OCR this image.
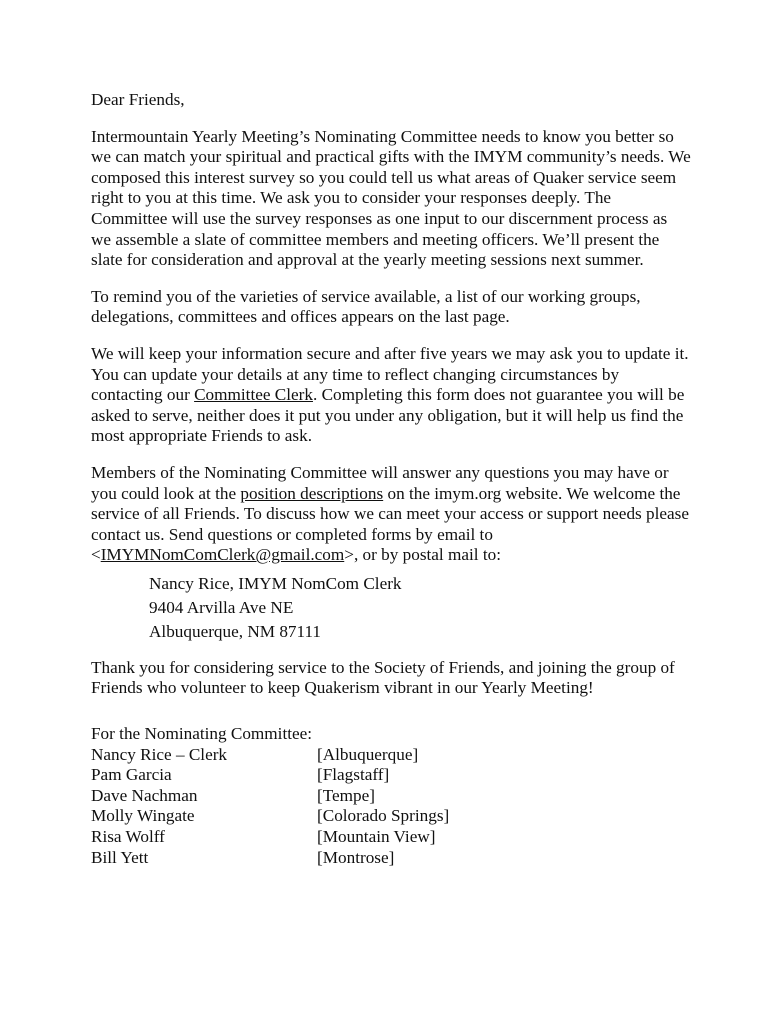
Dear Friends,

Intermountain Yearly Meeting’s Nominating Committee needs to know you better so we can match your spiritual and practical gifts with the IMYM community’s needs. We composed this interest survey so you could tell us what areas of Quaker service seem right to you at this time. We ask you to consider your responses deeply. The Committee will use the survey responses as one input to our discernment process as we assemble a slate of committee members and meeting officers. We’ll present the slate for consideration and approval at the yearly meeting sessions next summer.

To remind you of the varieties of service available, a list of our working groups, delegations, committees and offices appears on the last page.

We will keep your information secure and after five years we may ask you to update it. You can update your details at any time to reflect changing circumstances by contacting our Committee Clerk. Completing this form does not guarantee you will be asked to serve, neither does it put you under any obligation, but it will help us find the most appropriate Friends to ask.

Members of the Nominating Committee will answer any questions you may have or you could look at the position descriptions on the imym.org website. We welcome the service of all Friends. To discuss how we can meet your access or support needs please contact us. Send questions or completed forms by email to <IMYMNomComClerk@gmail.com>, or by postal mail to:

Nancy Rice, IMYM NomCom Clerk
9404 Arvilla Ave NE
Albuquerque, NM 87111

Thank you for considering service to the Society of Friends, and joining the group of Friends who volunteer to keep Quakerism vibrant in our Yearly Meeting!

For the Nominating Committee:

Nancy Rice – Clerk	[Albuquerque]
Pam Garcia	[Flagstaff]
Dave Nachman	[Tempe]
Molly Wingate	[Colorado Springs]
Risa Wolff	[Mountain View]
Bill Yett	[Montrose]
